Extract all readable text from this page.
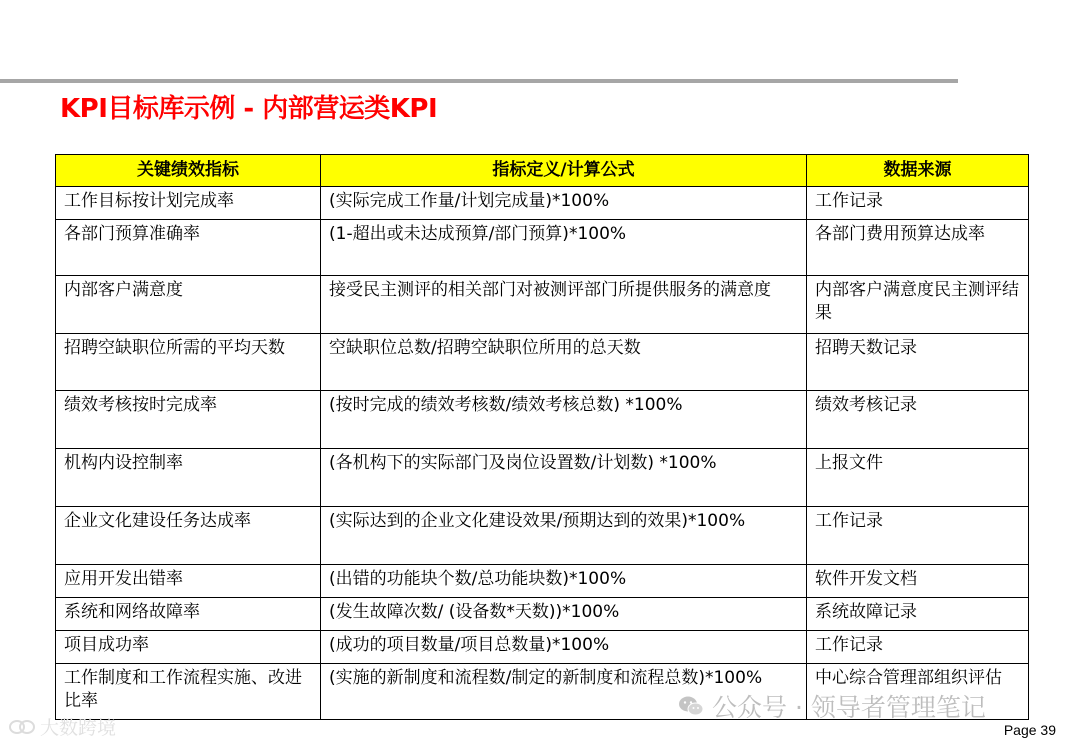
KPI目标库示例 - 内部营运类KPI
关键绩效指标	指标定义/计算公式	数据来源
工作目标按计划完成率	(实际完成工作量/计划完成量)*100%	工作记录
各部门预算准确率	(1-超出或未达成预算/部门预算)*100%	各部门费用预算达成率
内部客户满意度	接受民主测评的相关部门对被测评部门所提供服务的满意度	内部客户满意度民主测评结果
招聘空缺职位所需的平均天数	空缺职位总数/招聘空缺职位所用的总天数	招聘天数记录
绩效考核按时完成率	(按时完成的绩效考核数/绩效考核总数) *100%	绩效考核记录
机构内设控制率	(各机构下的实际部门及岗位设置数/计划数) *100%	上报文件
企业文化建设任务达成率	(实际达到的企业文化建设效果/预期达到的效果)*100%	工作记录
应用开发出错率	(出错的功能块个数/总功能块数)*100%	软件开发文档
系统和网络故障率	(发生故障次数/ (设备数*天数))*100%	系统故障记录
项目成功率	(成功的项目数量/项目总数量)*100%	工作记录
工作制度和工作流程实施、改进比率	(实施的新制度和流程数/制定的新制度和流程总数)*100%	中心综合管理部组织评估
大数跨境
公众号 · 领导者管理笔记
Page 39
